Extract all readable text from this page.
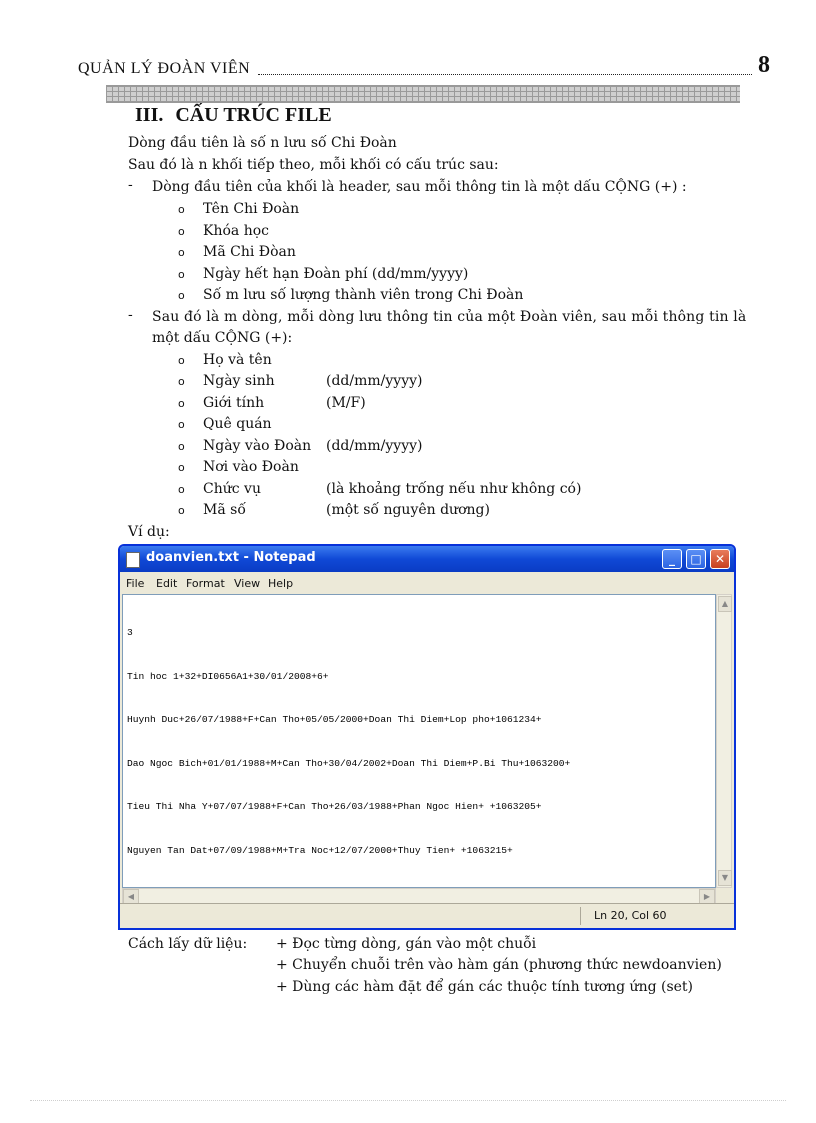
QUẢN LÝ ĐOÀN VIÊN	8
III. CẤU TRÚC FILE
Dòng đầu tiên là số n lưu số Chi Đoàn
Sau đó là n khối tiếp theo, mỗi khối có cấu trúc sau:
- Dòng đầu tiên của khối là header, sau mỗi thông tin là một dấu CỘNG (+) :
o Tên Chi Đoàn
o Khóa học
o Mã Chi Đòan
o Ngày hết hạn Đoàn phí (dd/mm/yyyy)
o Số m lưu số lượng thành viên trong Chi Đoàn
- Sau đó là m dòng, mỗi dòng lưu thông tin của một Đoàn viên, sau mỗi thông tin là
một dấu CỘNG (+):
o Họ và tên
o Ngày sinh	(dd/mm/yyyy)
o Giới tính	(M/F)
o Quê quán
o Ngày vào Đoàn (dd/mm/yyyy)
o Nơi vào Đoàn
o Chức vụ	(là khoảng trống nếu như không có)
o Mã số	(một số nguyên dương)
Ví dụ:
doanvien.txt - Notepad	_	□	✕
File Edit Format View Help

3

Tin hoc 1+32+DI0656A1+30/01/2008+6+

Huynh Duc+26/07/1988+F+Can Tho+05/05/2000+Doan Thi Diem+Lop pho+1061234+

Dao Ngoc Bich+01/01/1988+M+Can Tho+30/04/2002+Doan Thi Diem+P.Bi Thu+1063200+

Tieu Thi Nha Y+07/07/1988+F+Can Tho+26/03/1988+Phan Ngoc Hien+ +1063205+

Nguyen Tan Dat+07/09/1988+M+Tra Noc+12/07/2000+Thuy Tien+ +1063215+

▲
▼
◀	▶
Ln 20, Col 60
Cách lấy dữ liệu: + Đọc từng dòng, gán vào một chuỗi
+ Chuyển chuỗi trên vào hàm gán (phương thức newdoanvien)
+ Dùng các hàm đặt để gán các thuộc tính tương ứng (set)
